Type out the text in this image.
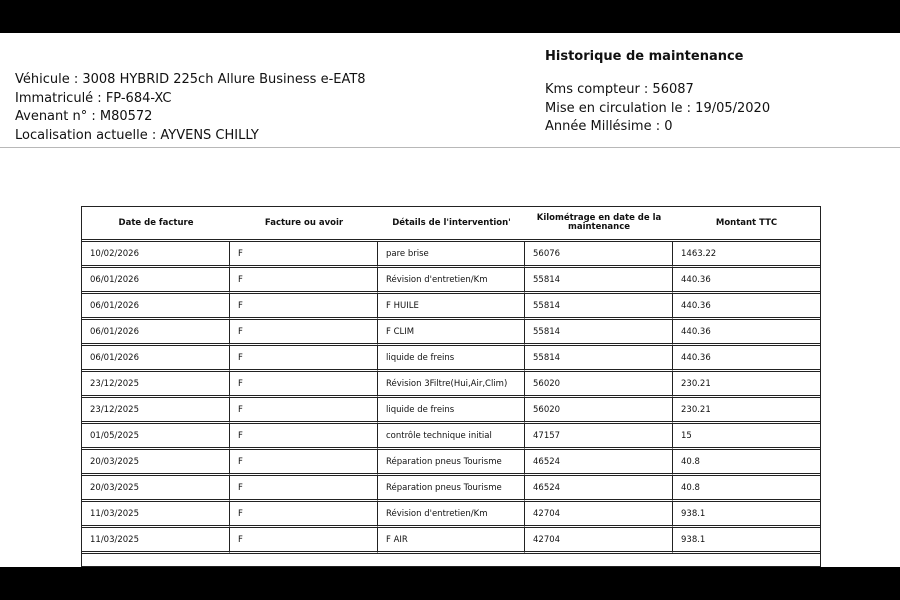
Véhicule : 3008 HYBRID 225ch Allure Business e-EAT8
Immatriculé : FP-684-XC
Avenant n° : M80572
Localisation actuelle : AYVENS CHILLY
Historique de maintenance
Kms compteur : 56087
Mise en circulation le : 19/05/2020
Année Millésime : 0
Date de facture	Facture ou avoir	Détails de l'intervention'	Kilométrage en date de la maintenance	Montant TTC
10/02/2026	F	pare brise	56076	1463.22
06/01/2026	F	Révision d'entretien/Km	55814	440.36
06/01/2026	F	F HUILE	55814	440.36
06/01/2026	F	F CLIM	55814	440.36
06/01/2026	F	liquide de freins	55814	440.36
23/12/2025	F	Révision 3Filtre(Hui,Air,Clim)	56020	230.21
23/12/2025	F	liquide de freins	56020	230.21
01/05/2025	F	contrôle technique initial	47157	15
20/03/2025	F	Réparation pneus Tourisme	46524	40.8
20/03/2025	F	Réparation pneus Tourisme	46524	40.8
11/03/2025	F	Révision d'entretien/Km	42704	938.1
11/03/2025	F	F AIR	42704	938.1
